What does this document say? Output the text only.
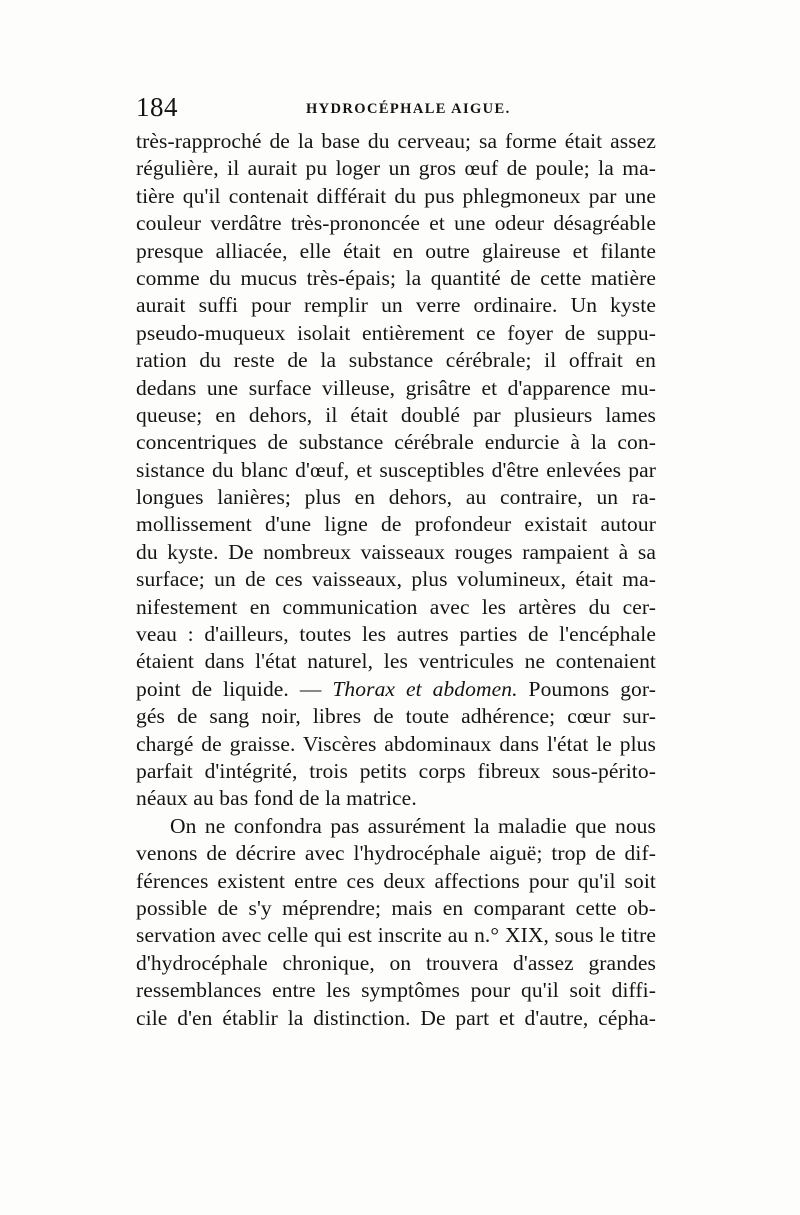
184	HYDROCÉPHALE AIGUE.
très-rapproché de la base du cerveau; sa forme était assez
régulière, il aurait pu loger un gros œuf de poule; la ma-
tière qu'il contenait différait du pus phlegmoneux par une
couleur verdâtre très-prononcée et une odeur désagréable
presque alliacée, elle était en outre glaireuse et filante
comme du mucus très-épais; la quantité de cette matière
aurait suffi pour remplir un verre ordinaire. Un kyste
pseudo-muqueux isolait entièrement ce foyer de suppu-
ration du reste de la substance cérébrale; il offrait en
dedans une surface villeuse, grisâtre et d'apparence mu-
queuse; en dehors, il était doublé par plusieurs lames
concentriques de substance cérébrale endurcie à la con-
sistance du blanc d'œuf, et susceptibles d'être enlevées par
longues lanières; plus en dehors, au contraire, un ra-
mollissement d'une ligne de profondeur existait autour
du kyste. De nombreux vaisseaux rouges rampaient à sa
surface; un de ces vaisseaux, plus volumineux, était ma-
nifestement en communication avec les artères du cer-
veau : d'ailleurs, toutes les autres parties de l'encéphale
étaient dans l'état naturel, les ventricules ne contenaient
point de liquide. — Thorax et abdomen. Poumons gor-
gés de sang noir, libres de toute adhérence; cœur sur-
chargé de graisse. Viscères abdominaux dans l'état le plus
parfait d'intégrité, trois petits corps fibreux sous-périto-
néaux au bas fond de la matrice.
On ne confondra pas assurément la maladie que nous
venons de décrire avec l'hydrocéphale aiguë; trop de dif-
férences existent entre ces deux affections pour qu'il soit
possible de s'y méprendre; mais en comparant cette ob-
servation avec celle qui est inscrite au n.° XIX, sous le titre
d'hydrocéphale chronique, on trouvera d'assez grandes
ressemblances entre les symptômes pour qu'il soit diffi-
cile d'en établir la distinction. De part et d'autre, cépha-
